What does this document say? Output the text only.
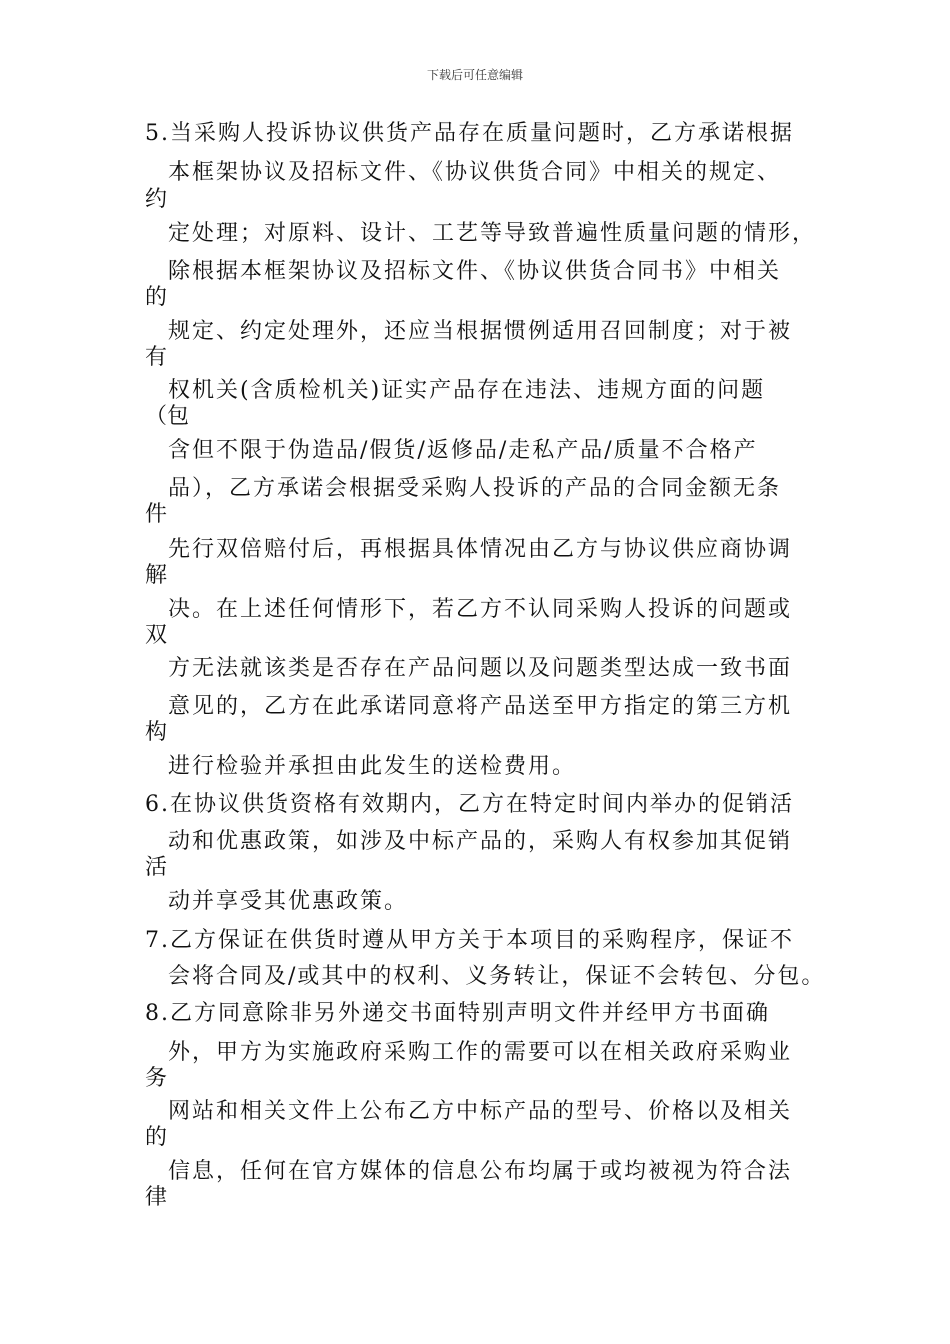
下载后可任意编辑
5.当采购人投诉协议供货产品存在质量问题时，乙方承诺根据
本框架协议及招标文件、《协议供货合同》中相关的规定、
约
定处理；对原料、设计、工艺等导致普遍性质量问题的情形，
除根据本框架协议及招标文件、《协议供货合同书》中相关
的
规定、约定处理外，还应当根据惯例适用召回制度；对于被
有
权机关(含质检机关)证实产品存在违法、违规方面的问题
（包
含但不限于伪造品/假货/返修品/走私产品/质量不合格产
品），乙方承诺会根据受采购人投诉的产品的合同金额无条
件
先行双倍赔付后，再根据具体情况由乙方与协议供应商协调
解
决。在上述任何情形下，若乙方不认同采购人投诉的问题或
双
方无法就该类是否存在产品问题以及问题类型达成一致书面
意见的，乙方在此承诺同意将产品送至甲方指定的第三方机
构
进行检验并承担由此发生的送检费用。
6.在协议供货资格有效期内，乙方在特定时间内举办的促销活
动和优惠政策，如涉及中标产品的，采购人有权参加其促销
活
动并享受其优惠政策。
7.乙方保证在供货时遵从甲方关于本项目的采购程序，保证不
会将合同及/或其中的权利、义务转让，保证不会转包、分包。
8.乙方同意除非另外递交书面特别声明文件并经甲方书面确
外，甲方为实施政府采购工作的需要可以在相关政府采购业
务
网站和相关文件上公布乙方中标产品的型号、价格以及相关
的
信息，任何在官方媒体的信息公布均属于或均被视为符合法
律
